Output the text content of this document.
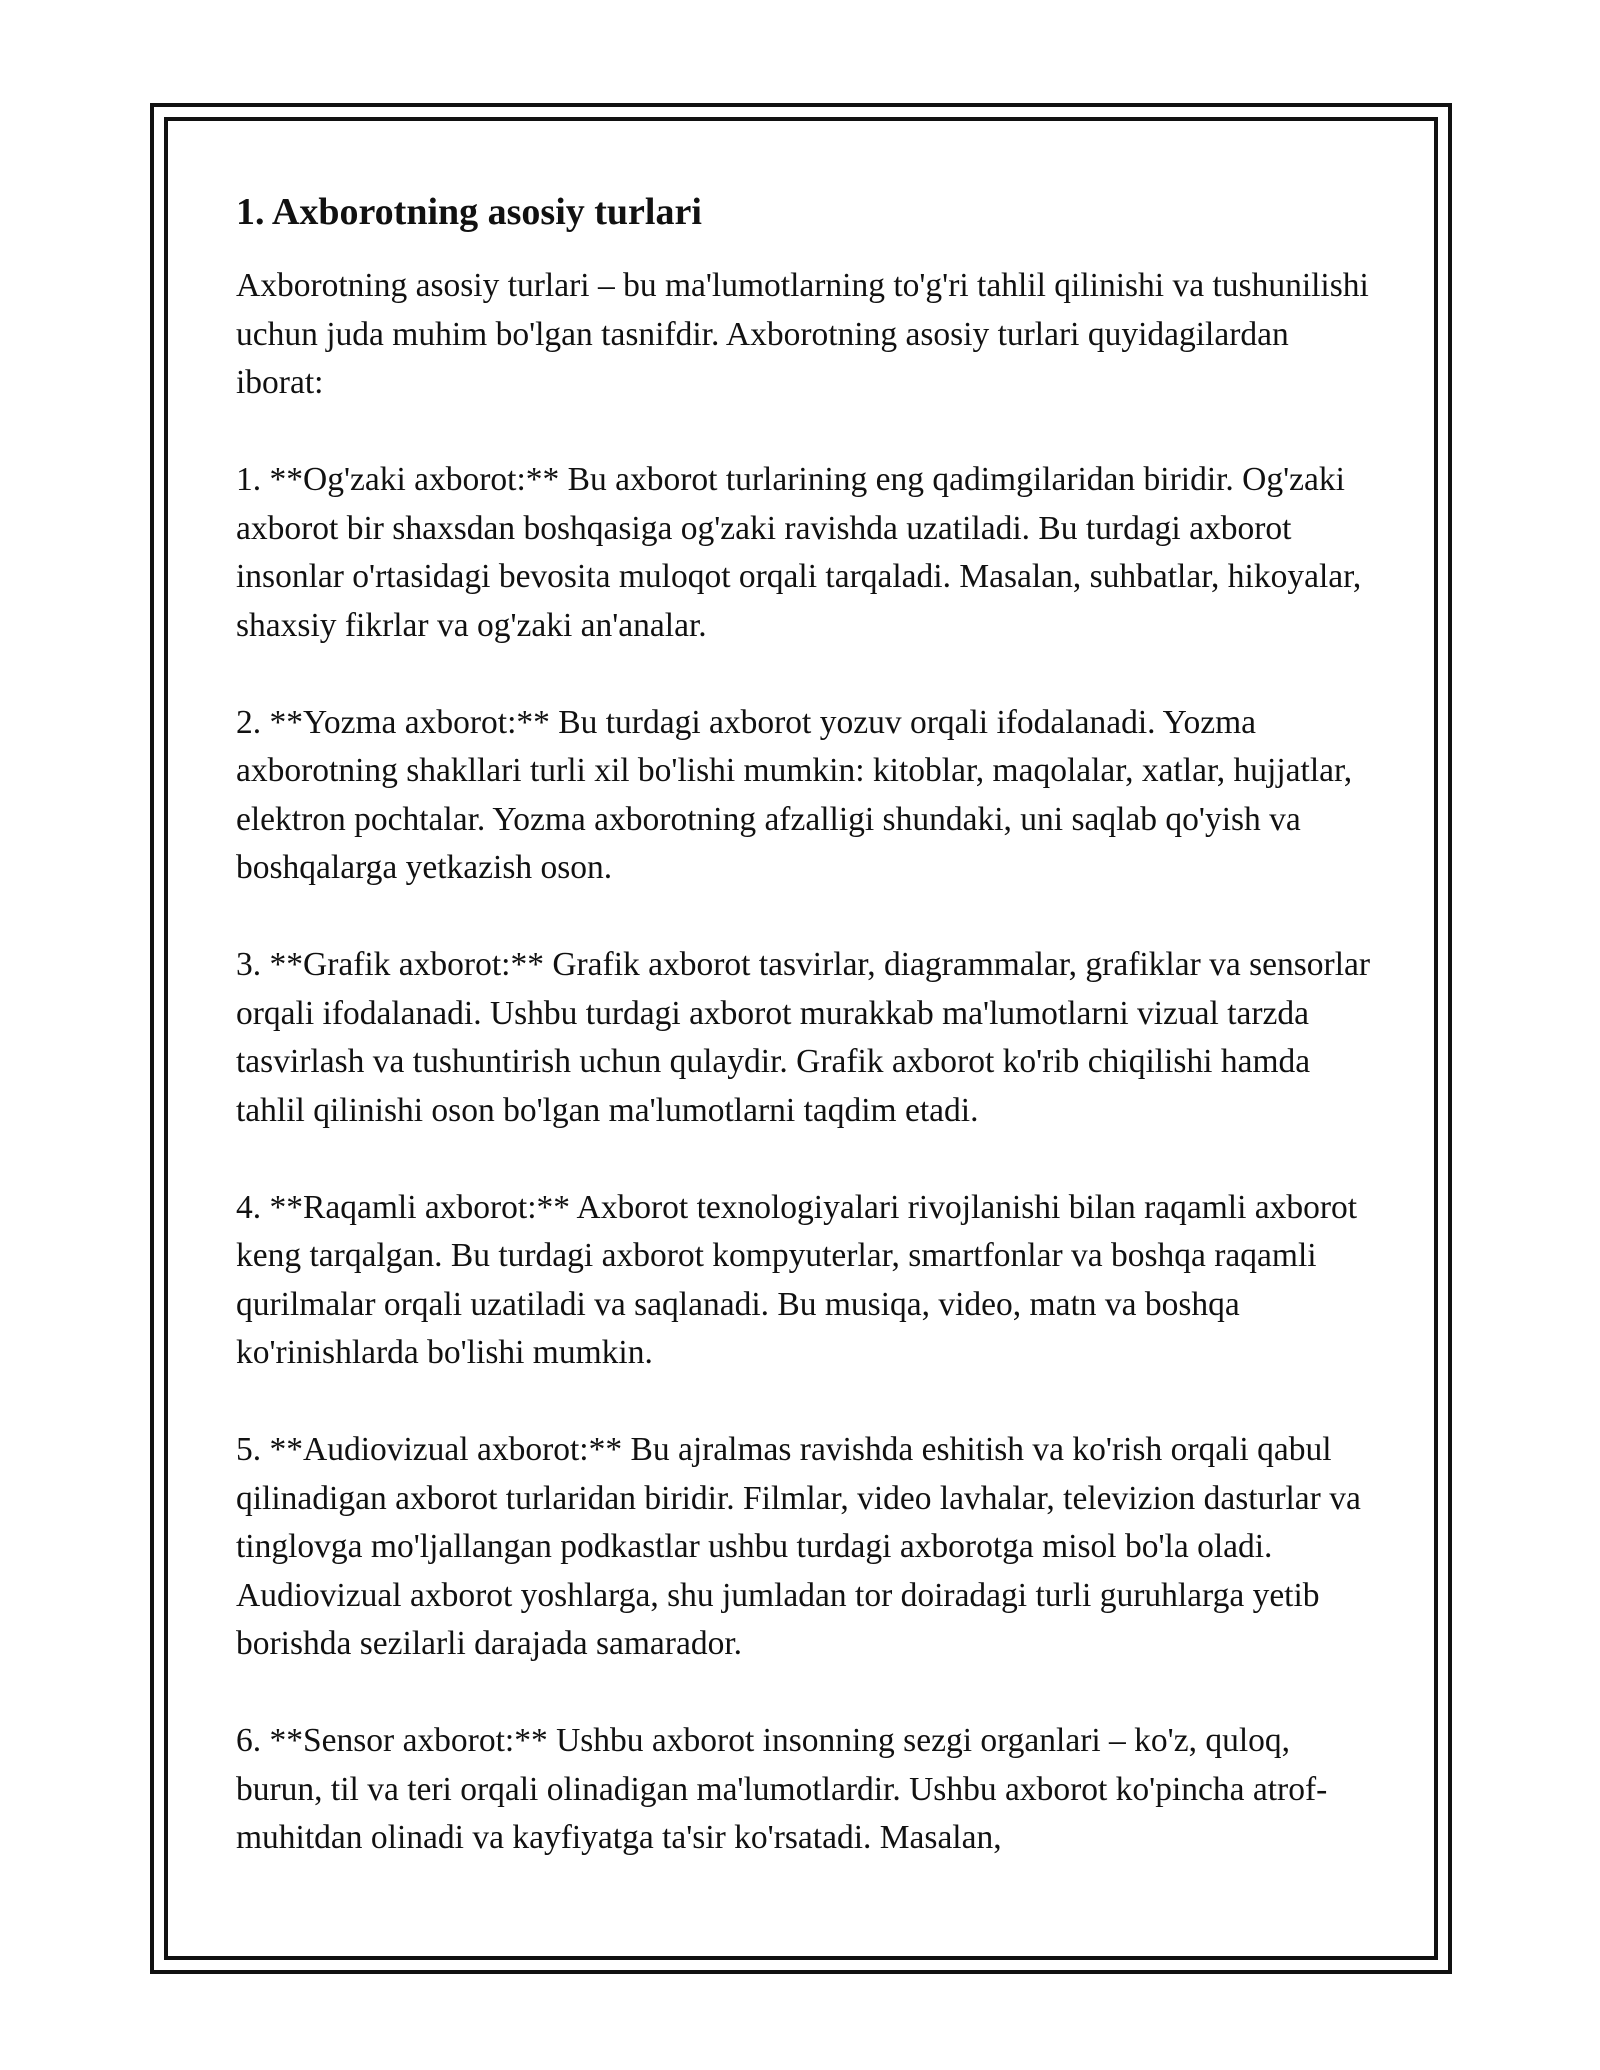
1. Axborotning asosiy turlari

Axborotning asosiy turlari – bu ma'lumotlarning to'g'ri tahlil qilinishi va tushunilishi uchun juda muhim bo'lgan tasnifdir. Axborotning asosiy turlari quyidagilardan iborat:

1. **Og'zaki axborot:** Bu axborot turlarining eng qadimgilaridan biridir. Og'zaki axborot bir shaxsdan boshqasiga og'zaki ravishda uzatiladi. Bu turdagi axborot insonlar o'rtasidagi bevosita muloqot orqali tarqaladi. Masalan, suhbatlar, hikoyalar, shaxsiy fikrlar va og'zaki an'analar.

2. **Yozma axborot:** Bu turdagi axborot yozuv orqali ifodalanadi. Yozma axborotning shakllari turli xil bo'lishi mumkin: kitoblar, maqolalar, xatlar, hujjatlar, elektron pochtalar. Yozma axborotning afzalligi shundaki, uni saqlab qo'yish va boshqalarga yetkazish oson.

3. **Grafik axborot:** Grafik axborot tasvirlar, diagrammalar, grafiklar va sensorlar orqali ifodalanadi. Ushbu turdagi axborot murakkab ma'lumotlarni vizual tarzda tasvirlash va tushuntirish uchun qulaydir. Grafik axborot ko'rib chiqilishi hamda tahlil qilinishi oson bo'lgan ma'lumotlarni taqdim etadi.

4. **Raqamli axborot:** Axborot texnologiyalari rivojlanishi bilan raqamli axborot keng tarqalgan. Bu turdagi axborot kompyuterlar, smartfonlar va boshqa raqamli qurilmalar orqali uzatiladi va saqlanadi. Bu musiqa, video, matn va boshqa ko'rinishlarda bo'lishi mumkin.

5. **Audiovizual axborot:** Bu ajralmas ravishda eshitish va ko'rish orqali qabul qilinadigan axborot turlaridan biridir. Filmlar, video lavhalar, televizion dasturlar va tinglovga mo'ljallangan podkastlar ushbu turdagi axborotga misol bo'la oladi. Audiovizual axborot yoshlarga, shu jumladan tor doiradagi turli guruhlarga yetib borishda sezilarli darajada samarador.

6. **Sensor axborot:** Ushbu axborot insonning sezgi organlari – ko'z, quloq, burun, til va teri orqali olinadigan ma'lumotlardir. Ushbu axborot ko'pincha atrof-muhitdan olinadi va kayfiyatga ta'sir ko'rsatadi. Masalan,
